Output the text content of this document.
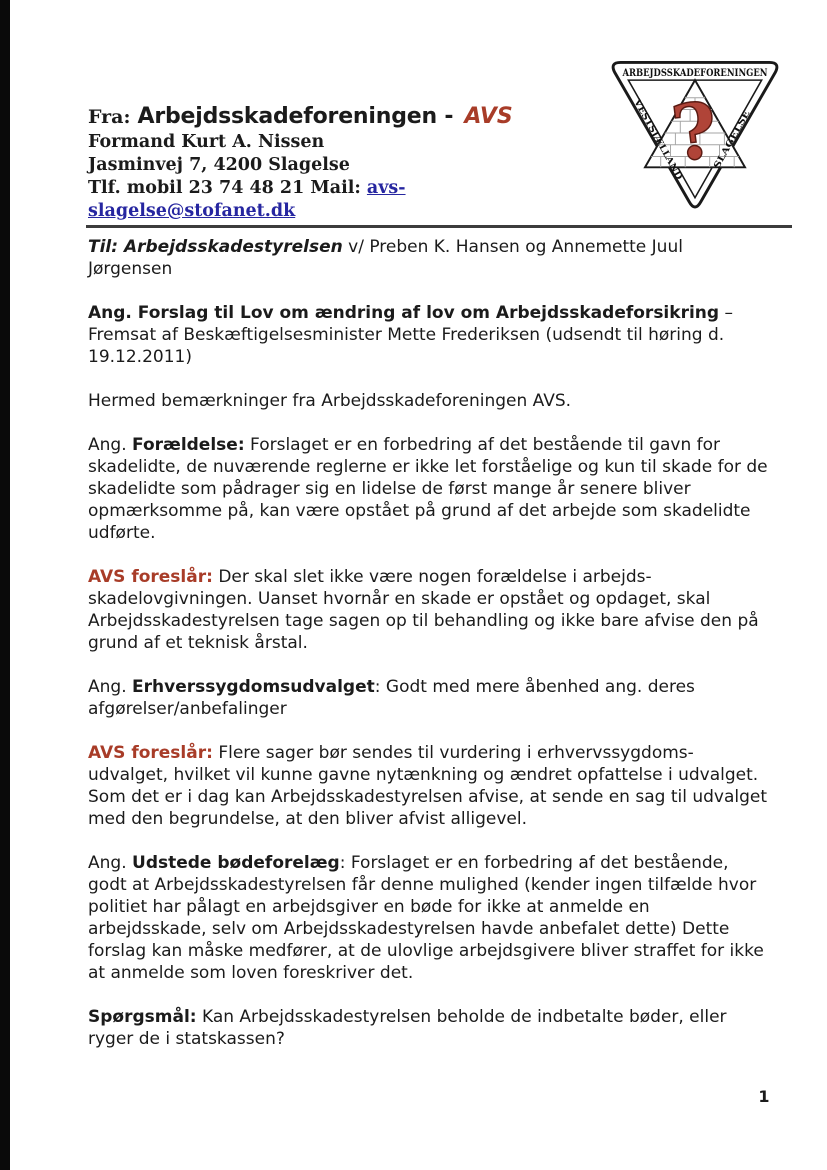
Fra: Arbejdsskadeforeningen - AVS
Formand Kurt A. Nissen
Jasminvej 7, 4200 Slagelse
Tlf. mobil 23 74 48 21 Mail: avs-slagelse@stofanet.dk
ARBEJDSSKADEFORENINGEN
?
VESTSJÆLLAND	SLAGELSE

Til: Arbejdsskadestyrelsen v/ Preben K. Hansen og Annemette Juul Jørgensen

Ang. Forslag til Lov om ændring af lov om Arbejdsskadeforsikring – Fremsat af Beskæftigelsesminister Mette Frederiksen (udsendt til høring d. 19.12.2011)

Hermed bemærkninger fra Arbejdsskadeforeningen AVS.

Ang. Forældelse: Forslaget er en forbedring af det bestående til gavn for skadelidte, de nuværende reglerne er ikke let forståelige og kun til skade for de skadelidte som pådrager sig en lidelse de først mange år senere bliver opmærksomme på, kan være opstået på grund af det arbejde som skadelidte udførte.

AVS foreslår: Der skal slet ikke være nogen forældelse i arbejds-skadelovgivningen. Uanset hvornår en skade er opstået og opdaget, skal Arbejdsskadestyrelsen tage sagen op til behandling og ikke bare afvise den på grund af et teknisk årstal.

Ang. Erhverssygdomsudvalget: Godt med mere åbenhed ang. deres afgørelser/anbefalinger

AVS foreslår: Flere sager bør sendes til vurdering i erhvervssygdoms-udvalget, hvilket vil kunne gavne nytænkning og ændret opfattelse i udvalget. Som det er i dag kan Arbejdsskadestyrelsen afvise, at sende en sag til udvalget med den begrundelse, at den bliver afvist alligevel.

Ang. Udstede bødeforelæg: Forslaget er en forbedring af det bestående, godt at Arbejdsskadestyrelsen får denne mulighed (kender ingen tilfælde hvor politiet har pålagt en arbejdsgiver en bøde for ikke at anmelde en arbejdsskade, selv om Arbejdsskadestyrelsen havde anbefalet dette) Dette forslag kan måske medfører, at de ulovlige arbejdsgivere bliver straffet for ikke at anmelde som loven foreskriver det.

Spørgsmål: Kan Arbejdsskadestyrelsen beholde de indbetalte bøder, eller ryger de i statskassen?

1
